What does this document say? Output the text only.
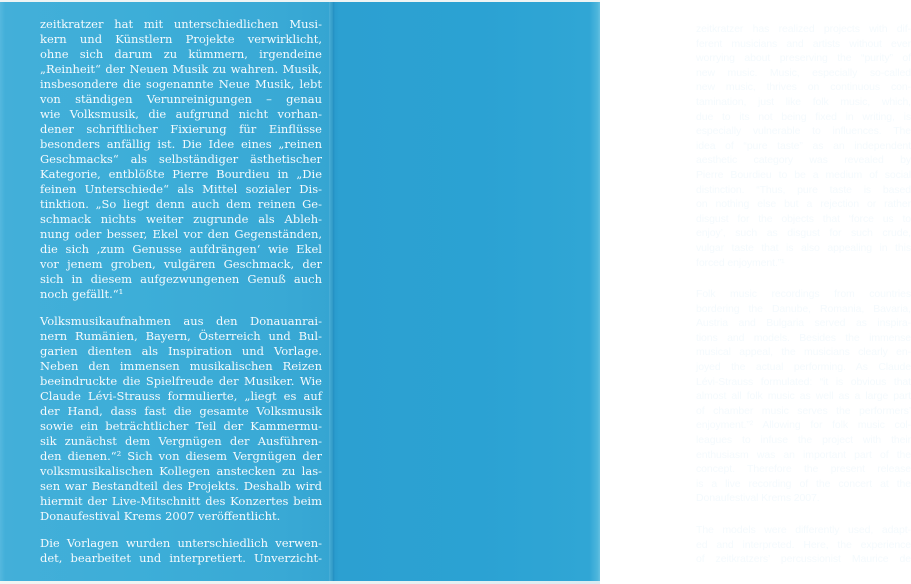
zeitkratzer hat mit unterschiedlichen Musi-
kern und Künstlern Projekte verwirklicht,
ohne sich darum zu kümmern, irgendeine
„Reinheit“ der Neuen Musik zu wahren. Musik,
insbesondere die sogenannte Neue Musik, lebt
von ständigen Verunreinigungen – genau
wie Volksmusik, die aufgrund nicht vorhan-
dener schriftlicher Fixierung für Einflüsse
besonders anfällig ist. Die Idee eines „reinen
Geschmacks“ als selbständiger ästhetischer
Kategorie, entblößte Pierre Bourdieu in „Die
feinen Unterschiede“ als Mittel sozialer Dis-
tinktion. „So liegt denn auch dem reinen Ge-
schmack nichts weiter zugrunde als Ableh-
nung oder besser, Ekel vor den Gegenständen,
die sich ‚zum Genusse aufdrängen‘ wie Ekel
vor jenem groben, vulgären Geschmack, der
sich in diesem aufgezwungenen Genuß auch
noch gefällt.“¹
Volksmusikaufnahmen aus den Donauanrai-
nern Rumänien, Bayern, Österreich und Bul-
garien dienten als Inspiration und Vorlage.
Neben den immensen musikalischen Reizen
beeindruckte die Spielfreude der Musiker. Wie
Claude Lévi-Strauss formulierte, „liegt es auf
der Hand, dass fast die gesamte Volksmusik
sowie ein beträchtlicher Teil der Kammermu-
sik zunächst dem Vergnügen der Ausführen-
den dienen.“² Sich von diesem Vergnügen der
volksmusikalischen Kollegen anstecken zu las-
sen war Bestandteil des Projekts. Deshalb wird
hiermit der Live-Mitschnitt des Konzertes beim
Donaufestival Krems 2007 veröffentlicht.
Die Vorlagen wurden unterschiedlich verwen-
det, bearbeitet und interpretiert. Unverzicht-
zeitkratzer has realized projects with dif-
ferent musicians and artists without ever
worrying about preserving the “purity” of
new music. Music, especially so-called
new music, thrives on continuous con-
tamination, just like folk music, which,
due to its not being fixed in writing, is
especially vulnerable to influences. The
idea of “pure taste” as an independent
aesthetic category was revealed by
Pierre Bourdieu to be a medium of social
distinction. “Thus, pure taste is based
on nothing else but a rejection or rather
disgust for the objects that ‘force us to
enjoy’, such as disgust for such crude,
vulgar taste that is also appealing in this
forced enjoyment.”¹
Folk music recordings from countries
bordering the Danube, Romania, Bavaria,
Austria and Bulgaria served as inspira-
tions and models. Besides the immense
musical appeal, the musicians clearly en-
joyed the actual performing. As Claude
Lévi-Strauss formulated: “it is obvious that
almost all folk music as well as a large part
of chamber music serves the performers’
enjoyment.”² Allowing for folk music col-
leagues to infuse the project with their
enthusiasm was an important part of the
concept. Therefore the present release
is a live recording of the concert at the
Donaufestival Krems 2007.
The models were differently used, adapt-
ed and interpreted. Here, the experience
of zeitkratzers’ percussionist Maurice de
